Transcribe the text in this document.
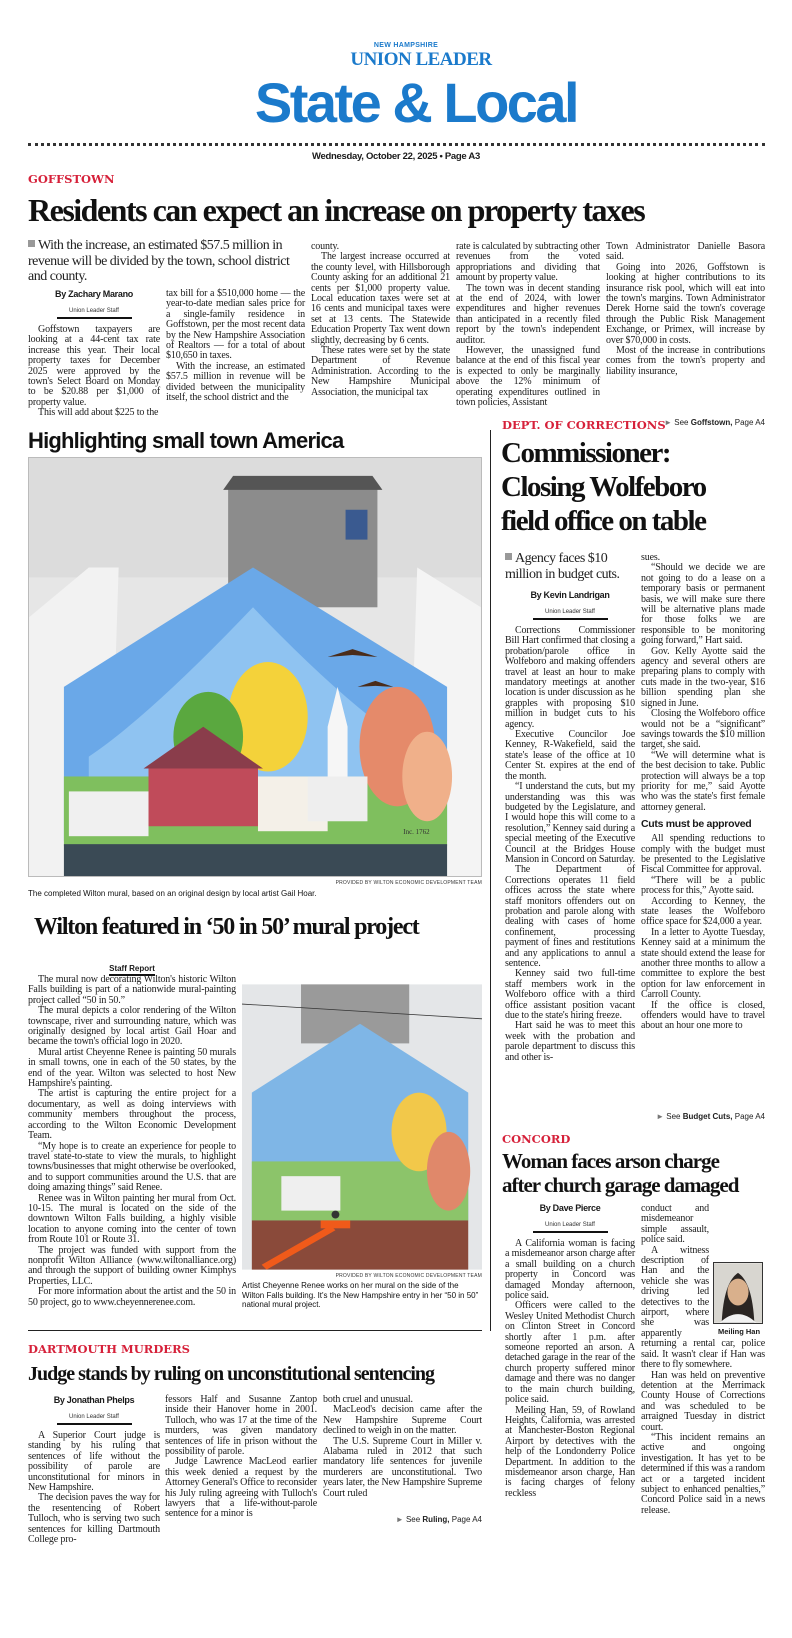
NEW HAMPSHIRE
UNION LEADER
State & Local
Wednesday, October 22, 2025 • Page A3
GOFFSTOWN
Residents can expect an increase on property taxes
With the increase, an estimated $57.5 million in revenue will be divided by the town, school district and county.
By Zachary Marano
Union Leader Staff

Goffstown taxpayers are looking at a 44-cent tax rate increase this year. Their local property taxes for December 2025 were approved by the town's Select Board on Monday to be $20.88 per $1,000 of property value.

This will add about $225 to the

tax bill for a $510,000 home — the year-to-date median sales price for a single-family residence in Goffstown, per the most recent data by the New Hampshire Association of Realtors — for a total of about $10,650 in taxes.

With the increase, an estimated $57.5 million in revenue will be divided between the municipality itself, the school district and the

county.

The largest increase occurred at the county level, with Hillsborough County asking for an additional 21 cents per $1,000 property value. Local education taxes were set at 16 cents and municipal taxes were set at 13 cents. The Statewide Education Property Tax went down slightly, decreasing by 6 cents.

These rates were set by the state Department of Revenue Administration. According to the New Hampshire Municipal Association, the municipal tax

rate is calculated by subtracting other revenues from the voted appropriations and dividing that amount by property value.

The town was in decent standing at the end of 2024, with lower expenditures and higher revenues than anticipated in a recently filed report by the town's independent auditor.

However, the unassigned fund balance at the end of this fiscal year is expected to only be marginally above the 12% minimum of operating expenditures outlined in town policies, Assistant

Town Administrator Danielle Basora said.

Going into 2026, Goffstown is looking at higher contributions to its insurance risk pool, which will eat into the town's margins. Town Administrator Derek Horne said the town's coverage through the Public Risk Management Exchange, or Primex, will increase by over $70,000 in costs.

Most of the increase in contributions comes from the town's property and liability insurance,

► See Goffstown, Page A4
Highlighting small town America
Inc. 1762
PROVIDED BY WILTON ECONOMIC DEVELOPMENT TEAM
The completed Wilton mural, based on an original design by local artist Gail Hoar.
Wilton featured in ‘50 in 50’ mural project
Staff Report

The mural now decorating Wilton's historic Wilton Falls building is part of a nationwide mural-painting project called “50 in 50.”

The mural depicts a color rendering of the Wilton townscape, river and surrounding nature, which was originally designed by local artist Gail Hoar and became the town's official logo in 2020.

Mural artist Cheyenne Renee is painting 50 murals in small towns, one in each of the 50 states, by the end of the year. Wilton was selected to host New Hampshire's painting.

The artist is capturing the entire project for a documentary, as well as doing interviews with community members throughout the process, according to the Wilton Economic Development Team.

“My hope is to create an experience for people to travel state-to-state to view the murals, to highlight towns/businesses that might otherwise be overlooked, and to support communities around the U.S. that are doing amazing things” said Renee.

Renee was in Wilton painting her mural from Oct. 10-15. The mural is located on the side of the downtown Wilton Falls building, a highly visible location to anyone coming into the center of town from Route 101 or Route 31.

The project was funded with support from the nonprofit Wilton Alliance (www.wiltonalliance.org) and through the support of building owner Kimphys Properties, LLC.

For more information about the artist and the 50 in 50 project, go to www.cheyennerenee.com.

PROVIDED BY WILTON ECONOMIC DEVELOPMENT TEAM
Artist Cheyenne Renee works on her mural on the side of the Wilton Falls building. It's the New Hampshire entry in her “50 in 50” national mural project.
DEPT. OF CORRECTIONS
Commissioner:
Closing Wolfeboro
field office on table
Agency faces $10 million in budget cuts.
By Kevin Landrigan
Union Leader Staff

Corrections Commissioner Bill Hart confirmed that closing a probation/parole office in Wolfeboro and making offenders travel at least an hour to make mandatory meetings at another location is under discussion as he grapples with proposing $10 million in budget cuts to his agency.

Executive Councilor Joe Kenney, R-Wakefield, said the state's lease of the office at 10 Center St. expires at the end of the month.

“I understand the cuts, but my understanding was this was budgeted by the Legislature, and I would hope this will come to a resolution,” Kenney said during a special meeting of the Executive Council at the Bridges House Mansion in Concord on Saturday.

The Department of Corrections operates 11 field offices across the state where staff monitors offenders out on probation and parole along with dealing with cases of home confinement, processing payment of fines and restitutions and any applications to annul a sentence.

Kenney said two full-time staff members work in the Wolfeboro office with a third office assistant position vacant due to the state's hiring freeze.

Hart said he was to meet this week with the probation and parole department to discuss this and other is-

sues.

“Should we decide we are not going to do a lease on a temporary basis or permanent basis, we will make sure there will be alternative plans made for those folks we are responsible to be monitoring going forward,” Hart said.

Gov. Kelly Ayotte said the agency and several others are preparing plans to comply with cuts made in the two-year, $16 billion spending plan she signed in June.

Closing the Wolfeboro office would not be a “significant” savings towards the $10 million target, she said.

“We will determine what is the best decision to take. Public protection will always be a top priority for me,” said Ayotte who was the state's first female attorney general.

Cuts must be approved

All spending reductions to comply with the budget must be presented to the Legislative Fiscal Committee for approval.

“There will be a public process for this,” Ayotte said.

According to Kenney, the state leases the Wolfeboro office space for $24,000 a year.

In a letter to Ayotte Tuesday, Kenney said at a minimum the state should extend the lease for another three months to allow a committee to explore the best option for law enforcement in Carroll County.

If the office is closed, offenders would have to travel about an hour one more to

► See Budget Cuts, Page A4
CONCORD
Woman faces arson charge
after church garage damaged
By Dave Pierce
Union Leader Staff

A California woman is facing a misdemeanor arson charge after a small building on a church property in Concord was damaged Monday afternoon, police said.

Officers were called to the Wesley United Methodist Church on Clinton Street in Concord shortly after 1 p.m. after someone reported an arson. A detached garage in the rear of the church property suffered minor damage and there was no danger to the main church building, police said.

Meiling Han, 59, of Rowland Heights, California, was arrested at Manchester-Boston Regional Airport by detectives with the help of the Londonderry Police Department. In addition to the misdemeanor arson charge, Han is facing charges of felony reckless

Meiling Han

conduct and misdemeanor simple assault, police said.

A witness description of Han and the vehicle she was driving led detectives to the airport, where she was apparently returning a rental car, police said. It wasn't clear if Han was there to fly somewhere.

Han was held on preventive detention at the Merrimack County House of Corrections and was scheduled to be arraigned Tuesday in district court.

“This incident remains an active and ongoing investigation. It has yet to be determined if this was a random act or a targeted incident subject to enhanced penalties,” Concord Police said in a news release.

DARTMOUTH MURDERS
Judge stands by ruling on unconstitutional sentencing
By Jonathan Phelps
Union Leader Staff

A Superior Court judge is standing by his ruling that sentences of life without the possibility of parole are unconstitutional for minors in New Hampshire.

The decision paves the way for the resentencing of Robert Tulloch, who is serving two such sentences for killing Dartmouth College pro-

fessors Half and Susanne Zantop inside their Hanover home in 2001. Tulloch, who was 17 at the time of the murders, was given mandatory sentences of life in prison without the possibility of parole.

Judge Lawrence MacLeod earlier this week denied a request by the Attorney General's Office to reconsider his July ruling agreeing with Tulloch's lawyers that a life-without-parole sentence for a minor is

both cruel and unusual.

MacLeod's decision came after the New Hampshire Supreme Court declined to weigh in on the matter.

The U.S. Supreme Court in Miller v. Alabama ruled in 2012 that such mandatory life sentences for juvenile murderers are unconstitutional. Two years later, the New Hampshire Supreme Court ruled

► See Ruling, Page A4
